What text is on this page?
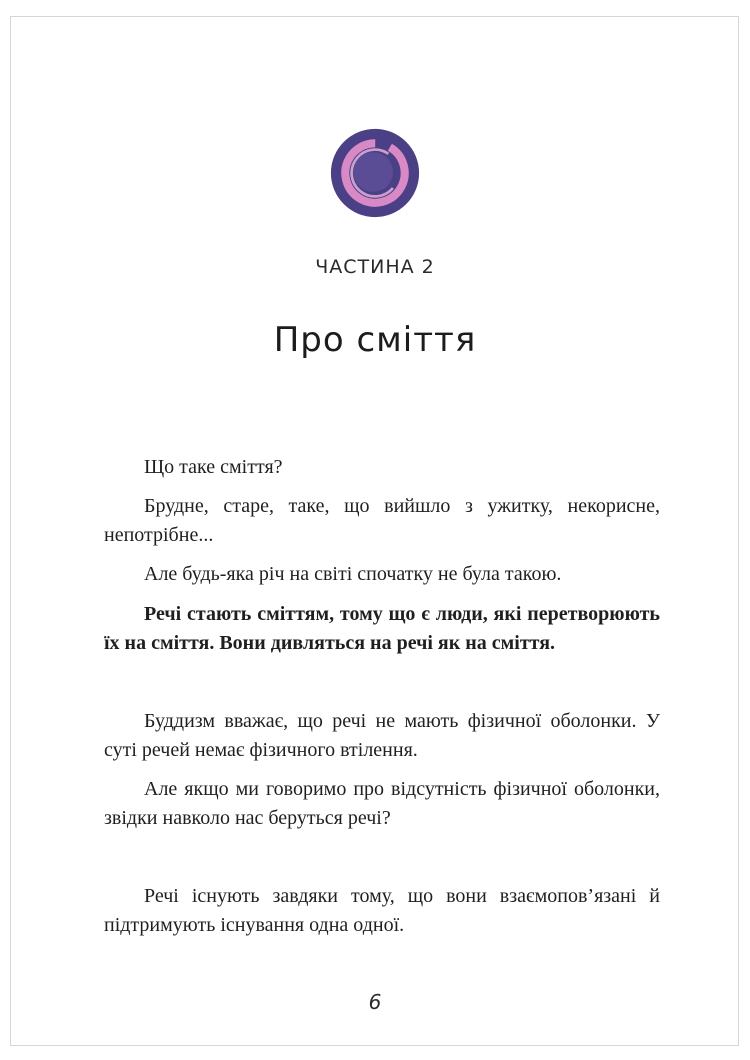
ЧАСТИНА 2
Про сміття

Що таке сміття?

Брудне, старе, таке, що вийшло з ужитку, некорисне, непотрібне...

Але будь-яка річ на світі спочатку не була такою.

Речі стають сміттям, тому що є люди, які перетворюють їх на сміття. Вони дивляться на речі як на сміття.

Буддизм вважає, що речі не мають фізичної оболонки. У суті речей немає фізичного втілення.

Але якщо ми говоримо про відсутність фізичної оболонки, звідки навколо нас беруться речі?

Речі існують завдяки тому, що вони взаємопов’язані й підтримують існування одна одної.

6
